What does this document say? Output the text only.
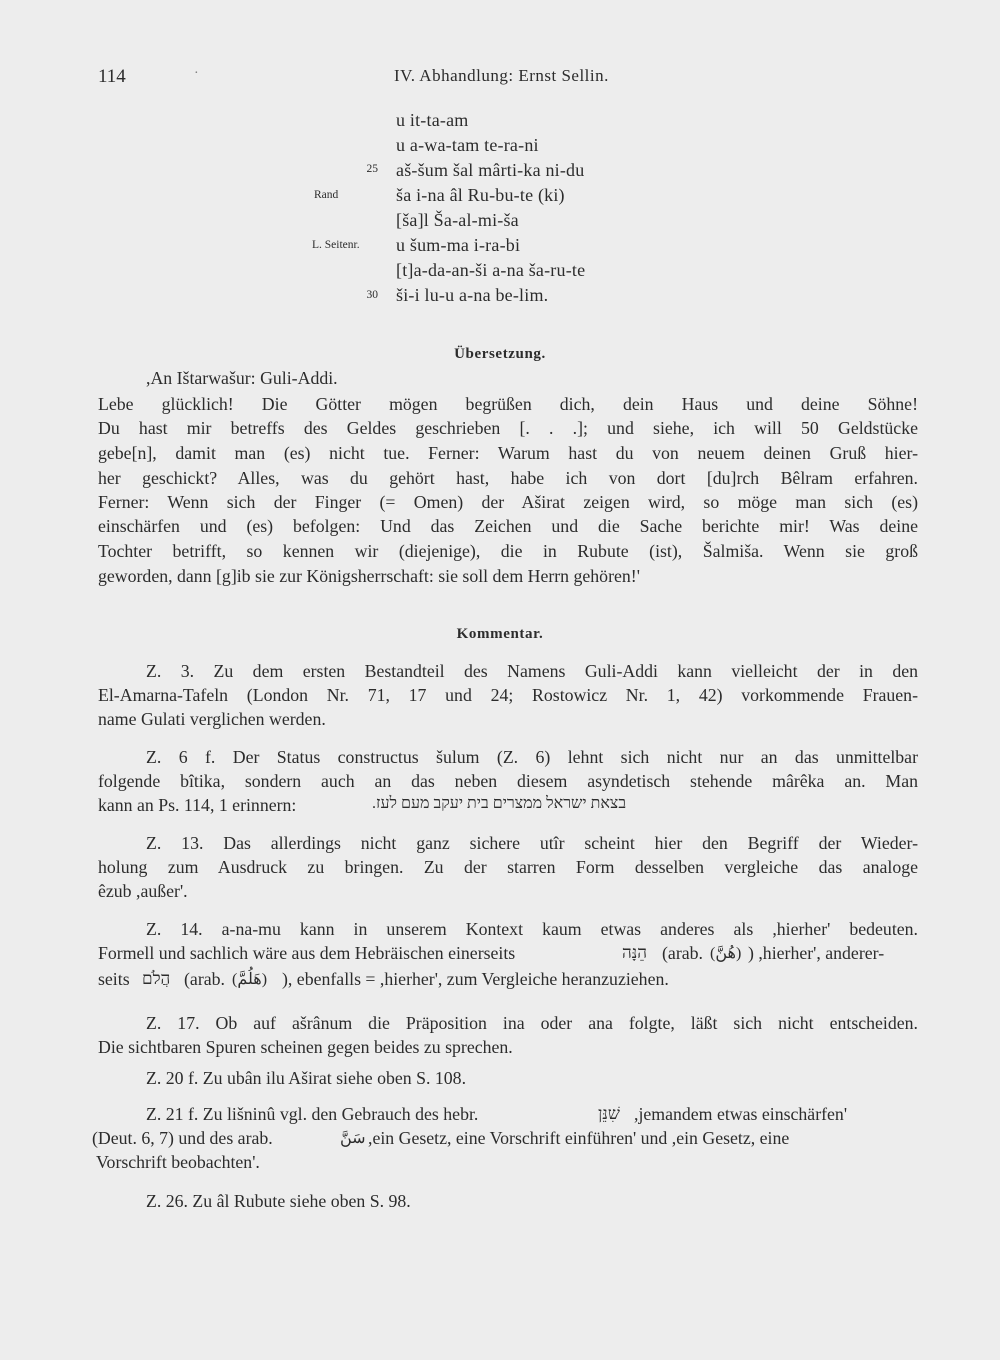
114	·	IV. Abhandlung: Ernst Sellin.
u it-ta-am
u a-wa-tam te-ra-ni
25 aš-šum šal mârti-ka ni-du
Rand	ša i-na âl Ru-bu-te (ki)
[ša]l Ša-al-mi-ša
L. Seitenr. u šum-ma i-ra-bi
[t]a-da-an-ši a-na ša-ru-te
30 ši-i lu-u a-na be-lim.
Übersetzung.
,An Ištarwašur: Guli-Addi.
Lebe glücklich! Die Götter mögen begrüßen dich, dein Haus und deine Söhne!
Du hast mir betreffs des Geldes geschrieben [. . .]; und siehe, ich will 50 Geldstücke
gebe[n], damit man (es) nicht tue. Ferner: Warum hast du von neuem deinen Gruß hier-
her geschickt? Alles, was du gehört hast, habe ich von dort [du]rch Bêlram erfahren.
Ferner: Wenn sich der Finger (= Omen) der Aširat zeigen wird, so möge man sich (es)
einschärfen und (es) befolgen: Und das Zeichen und die Sache berichte mir! Was deine
Tochter betrifft, so kennen wir (diejenige), die in Rubute (ist), Šalmiša. Wenn sie groß
geworden, dann [g]ib sie zur Königsherrschaft: sie soll dem Herrn gehören!'
Kommentar.
Z. 3. Zu dem ersten Bestandteil des Namens Guli-Addi kann vielleicht der in den
El-Amarna-Tafeln (London Nr. 71, 17 und 24; Rostowicz Nr. 1, 42) vorkommende Frauen-
name Gulati verglichen werden.
Z. 6 f. Der Status constructus šulum (Z. 6) lehnt sich nicht nur an das unmittelbar
folgende bîtika, sondern auch an das neben diesem asyndetisch stehende mârêka an. Man
kann an Ps. 114, 1 erinnern:	בצאת ישראל ממצרים בית יעקב מעם לעז.
Z. 13. Das allerdings nicht ganz sichere utîr scheint hier den Begriff der Wieder-
holung zum Ausdruck zu bringen. Zu der starren Form desselben vergleiche das analoge
êzub ,außer'.
Z. 14. a-na-mu kann in unserem Kontext kaum etwas anderes als ,hierher' bedeuten.
Formell und sachlich wäre aus dem Hebräischen einerseits	הֵנָּה (arab. (هُنَّ) ) ,hierher', anderer-
seits הֲלֹם (arab. (هَلُمَّ) ), ebenfalls = ,hierher', zum Vergleiche heranzuziehen.
Z. 17. Ob auf ašrânum die Präposition ina oder ana folgte, läßt sich nicht entscheiden.
Die sichtbaren Spuren scheinen gegen beides zu sprechen.
Z. 20 f. Zu ubân ilu Aširat siehe oben S. 108.
Z. 21 f. Zu lišninû vgl. den Gebrauch des hebr.	שִׁנֵּן ,jemandem etwas einschärfen'
(Deut. 6, 7) und des arab.	سَنَّ ,ein Gesetz, eine Vorschrift einführen' und ,ein Gesetz, eine
Vorschrift beobachten'.
Z. 26. Zu âl Rubute siehe oben S. 98.
